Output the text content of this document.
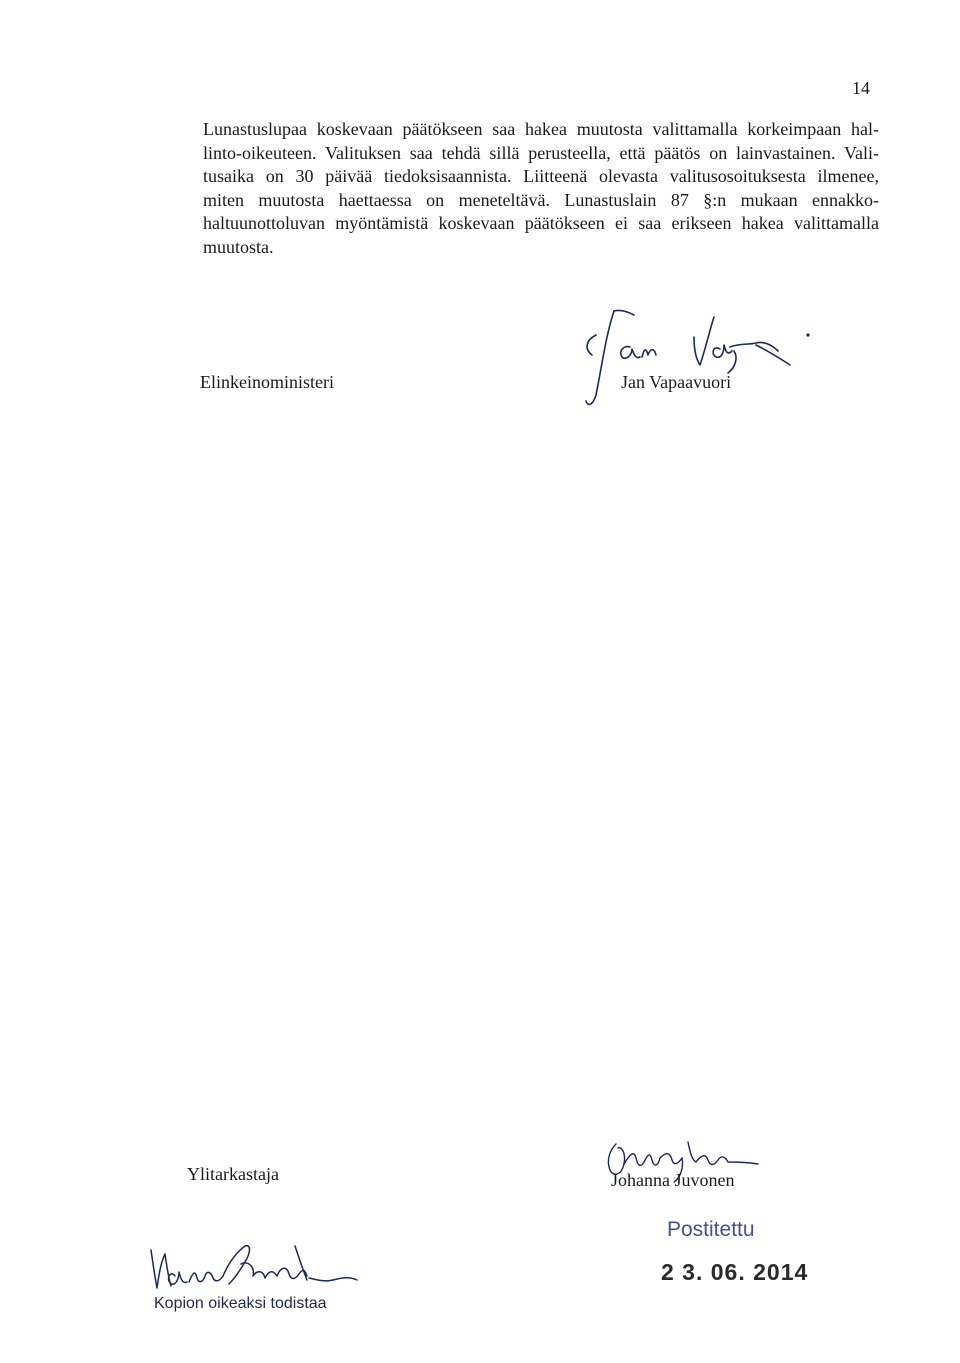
14
Lunastuslupaa koskevaan päätökseen saa hakea muutosta valittamalla korkeimpaan hal-
linto-oikeuteen. Valituksen saa tehdä sillä perusteella, että päätös on lainvastainen. Vali-
tusaika on 30 päivää tiedoksisaannista. Liitteenä olevasta valitusosoituksesta ilmenee,
miten muutosta haettaessa on meneteltävä. Lunastuslain 87 §:n mukaan ennakko-
haltuunottoluvan myöntämistä koskevaan päätökseen ei saa erikseen hakea valittamalla
muutosta.
Elinkeinoministeri	Jan Vapaavuori
Ylitarkastaja	Johanna Juvonen
Postitettu
2 3. 06. 2014
Kopion oikeaksi todistaa
